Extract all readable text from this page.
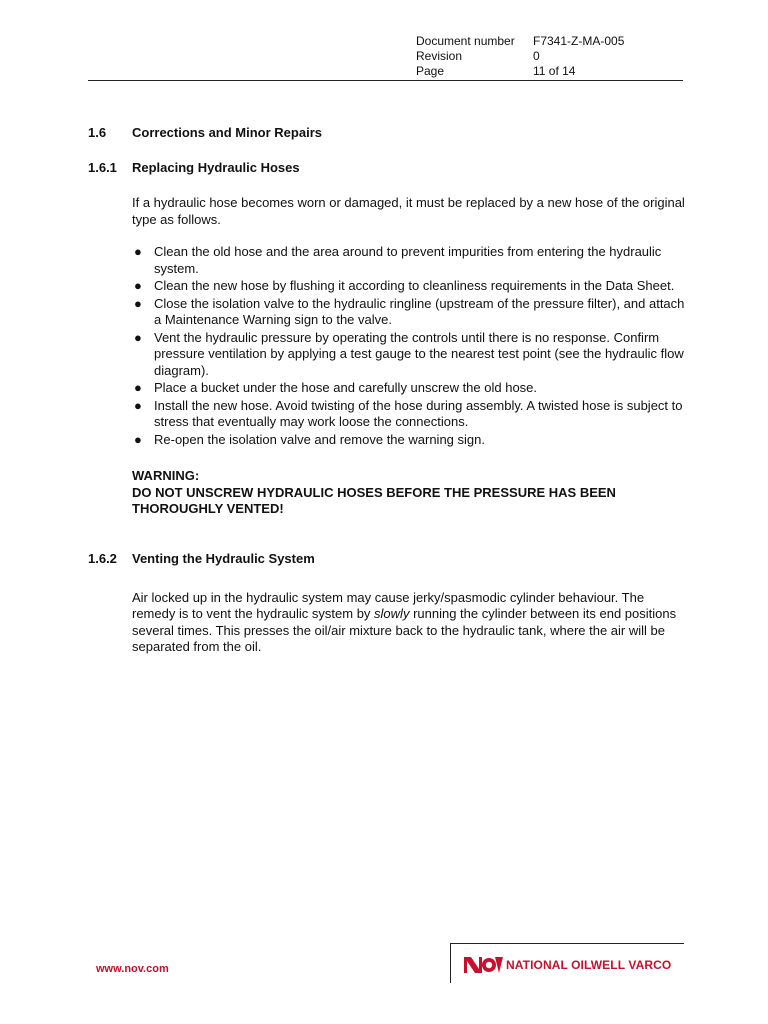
Document number	F7341-Z-MA-005
Revision	0
Page	11 of 14
1.6	Corrections and Minor Repairs
1.6.1	Replacing Hydraulic Hoses
If a hydraulic hose becomes worn or damaged, it must be replaced by a new hose of the original type as follows.
● Clean the old hose and the area around to prevent impurities from entering the hydraulic system.
● Clean the new hose by flushing it according to cleanliness requirements in the Data Sheet.
● Close the isolation valve to the hydraulic ringline (upstream of the pressure filter), and attach a Maintenance Warning sign to the valve.
● Vent the hydraulic pressure by operating the controls until there is no response. Confirm pressure ventilation by applying a test gauge to the nearest test point (see the hydraulic flow diagram).
● Place a bucket under the hose and carefully unscrew the old hose.
● Install the new hose. Avoid twisting of the hose during assembly. A twisted hose is subject to stress that eventually may work loose the connections.
● Re-open the isolation valve and remove the warning sign.
WARNING:
DO NOT UNSCREW HYDRAULIC HOSES BEFORE THE PRESSURE HAS BEEN THOROUGHLY VENTED!
1.6.2	Venting the Hydraulic System
Air locked up in the hydraulic system may cause jerky/spasmodic cylinder behaviour. The remedy is to vent the hydraulic system by slowly running the cylinder between its end positions several times. This presses the oil/air mixture back to the hydraulic tank, where the air will be separated from the oil.
www.nov.com	NATIONAL OILWELL VARCO
